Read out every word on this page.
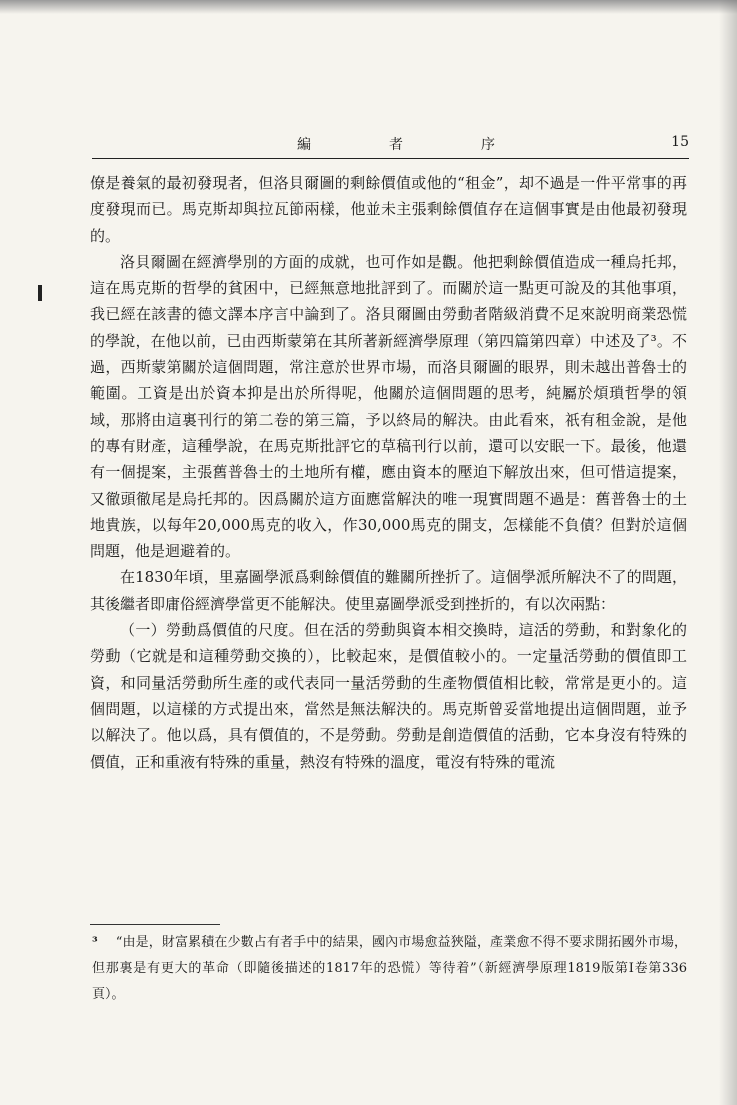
編者序	15

僚是養氣的最初發現者，但洛貝爾圖的剩餘價值或他的“租金”，却不過是一件平常事的再度發現而已。馬克斯却與拉瓦節兩樣，他並未主張剩餘價值存在這個事實是由他最初發現的。

洛貝爾圖在經濟學別的方面的成就，也可作如是觀。他把剩餘價值造成一種烏托邦，這在馬克斯的哲學的貧困中，已經無意地批評到了。而關於這一點更可說及的其他事項，我已經在該書的德文譯本序言中論到了。洛貝爾圖由勞動者階級消費不足來說明商業恐慌的學說，在他以前，已由西斯蒙第在其所著新經濟學原理（第四篇第四章）中述及了³。不過，西斯蒙第關於這個問題，常注意於世界市場，而洛貝爾圖的眼界，則未越出普魯士的範圍。工資是出於資本抑是出於所得呢，他關於這個問題的思考，純屬於煩瑣哲學的領域，那將由這裏刊行的第二卷的第三篇，予以終局的解決。由此看來，祇有租金說，是他的專有財產，這種學說，在馬克斯批評它的草稿刊行以前，還可以安眠一下。最後，他還有一個提案，主張舊普魯士的土地所有權，應由資本的壓迫下解放出來，但可惜這提案，又徹頭徹尾是烏托邦的。因爲關於這方面應當解決的唯一現實問題不過是：舊普魯士的土地貴族，以每年20,000馬克的收入，作30,000馬克的開支，怎樣能不負債？但對於這個問題，他是迴避着的。

在1830年頃，里嘉圖學派爲剩餘價值的難關所挫折了。這個學派所解決不了的問題，其後繼者即庸俗經濟學當更不能解決。使里嘉圖學派受到挫折的，有以次兩點：

（一）勞動爲價值的尺度。但在活的勞動與資本相交換時，這活的勞動，和對象化的勞動（它就是和這種勞動交換的），比較起來，是價值較小的。一定量活勞動的價值即工資，和同量活勞動所生產的或代表同一量活勞動的生產物價值相比較，常常是更小的。這個問題，以這樣的方式提出來，當然是無法解決的。馬克斯曾妥當地提出這個問題，並予以解決了。他以爲，具有價值的，不是勞動。勞動是創造價值的活動，它本身沒有特殊的價值，正和重液有特殊的重量，熱沒有特殊的溫度，電沒有特殊的電流

³ “由是，財富累積在少數占有者手中的結果，國內市場愈益狹隘，產業愈不得不要求開拓國外市場，但那裏是有更大的革命（即隨後描述的1817年的恐慌）等待着”（新經濟學原理1819版第I卷第336頁）。
